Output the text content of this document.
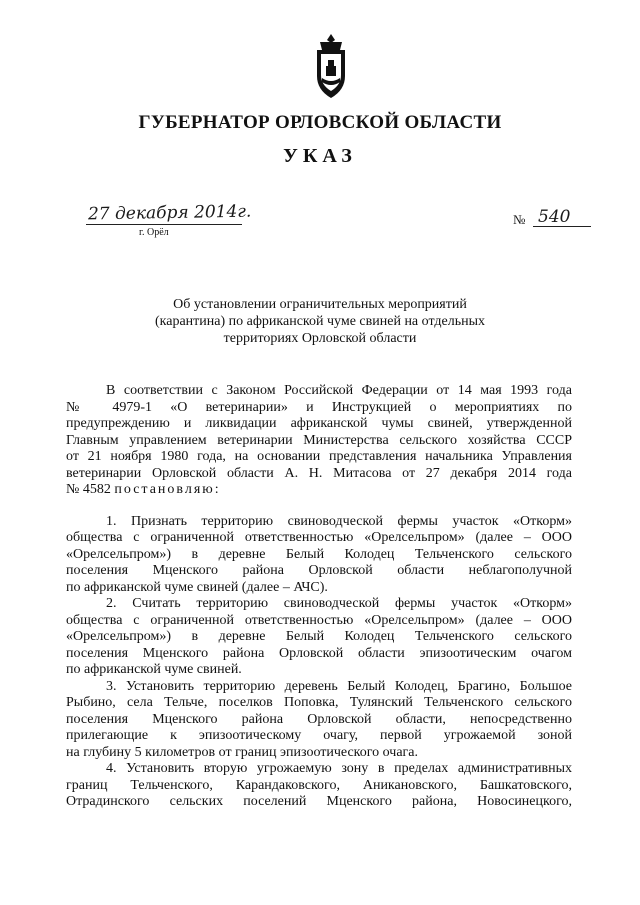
ГУБЕРНАТОР ОРЛОВСКОЙ ОБЛАСТИ
УКАЗ
27 декабря 2014г.
г. Орёл
№ 540
Об установлении ограничительных мероприятий
(карантина) по африканской чуме свиней на отдельных
территориях Орловской области

В соответствии с Законом Российской Федерации от 14 мая 1993 года

№ 4979-1 «О ветеринарии» и Инструкцией о мероприятиях по

предупреждению и ликвидации африканской чумы свиней, утвержденной

Главным управлением ветеринарии Министерства сельского хозяйства СССР

от 21 ноября 1980 года, на основании представления начальника Управления

ветеринарии Орловской области А. Н. Митасова от 27 декабря 2014 года

№ 4582 постановляю:

1. Признать территорию свиноводческой фермы участок «Откорм»

общества с ограниченной ответственностью «Орелсельпром» (далее – ООО

«Орелсельпром») в деревне Белый Колодец Тельченского сельского

поселения Мценского района Орловской области неблагополучной

по африканской чуме свиней (далее – АЧС).

2. Считать территорию свиноводческой фермы участок «Откорм»

общества с ограниченной ответственностью «Орелсельпром» (далее – ООО

«Орелсельпром») в деревне Белый Колодец Тельченского сельского

поселения Мценского района Орловской области эпизоотическим очагом

по африканской чуме свиней.

3. Установить территорию деревень Белый Колодец, Брагино, Большое

Рыбино, села Тельче, поселков Поповка, Тулянский Тельченского сельского

поселения Мценского района Орловской области, непосредственно

прилегающие к эпизоотическому очагу, первой угрожаемой зоной

на глубину 5 километров от границ эпизоотического очага.

4. Установить вторую угрожаемую зону в пределах административных

границ Тельченского, Карандаковского, Аникановского, Башкатовского,

Отрадинского сельских поселений Мценского района, Новосинецкого,
